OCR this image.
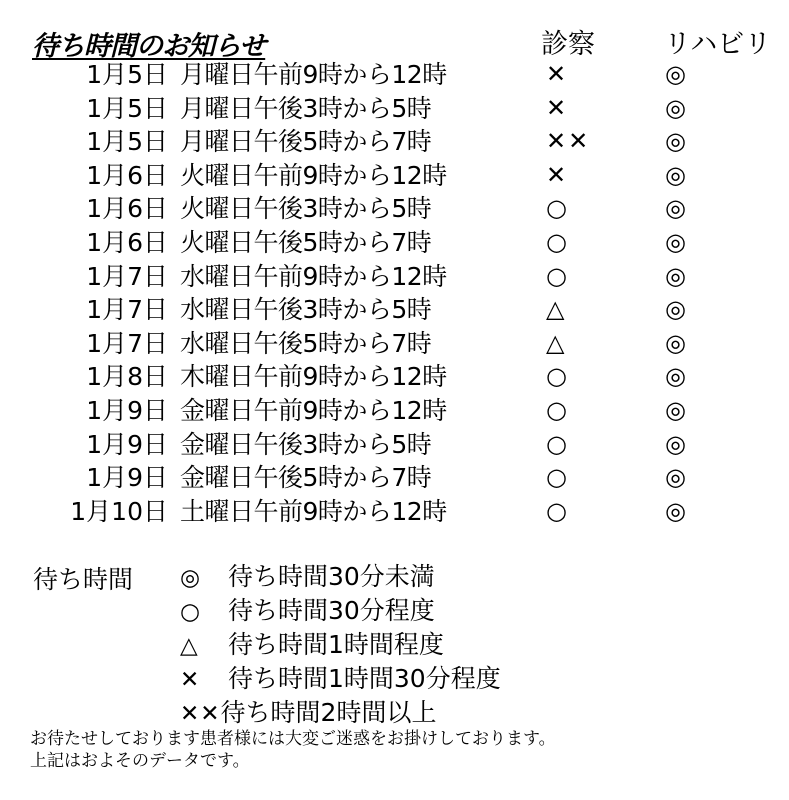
待ち時間のお知らせ	診察	リハビリ
1月5日 月曜日午前9時から12時	✕	◎
1月5日 月曜日午後3時から5時	✕	◎
1月5日 月曜日午後5時から7時	✕✕	◎
1月6日 火曜日午前9時から12時	✕	◎
1月6日 火曜日午後3時から5時	○	◎
1月6日 火曜日午後5時から7時	○	◎
1月7日 水曜日午前9時から12時	○	◎
1月7日 水曜日午後3時から5時	△	◎
1月7日 水曜日午後5時から7時	△	◎
1月8日 木曜日午前9時から12時	○	◎
1月9日 金曜日午前9時から12時	○	◎
1月9日 金曜日午後3時から5時	○	◎
1月9日 金曜日午後5時から7時	○	◎
1月10日 土曜日午前9時から12時	○	◎
待ち時間 ◎ 待ち時間30分未満
○ 待ち時間30分程度
△ 待ち時間1時間程度
✕ 待ち時間1時間30分程度
✕✕待ち時間2時間以上
お待たせしております患者様には大変ご迷惑をお掛けしております。
上記はおよそのデータです。
